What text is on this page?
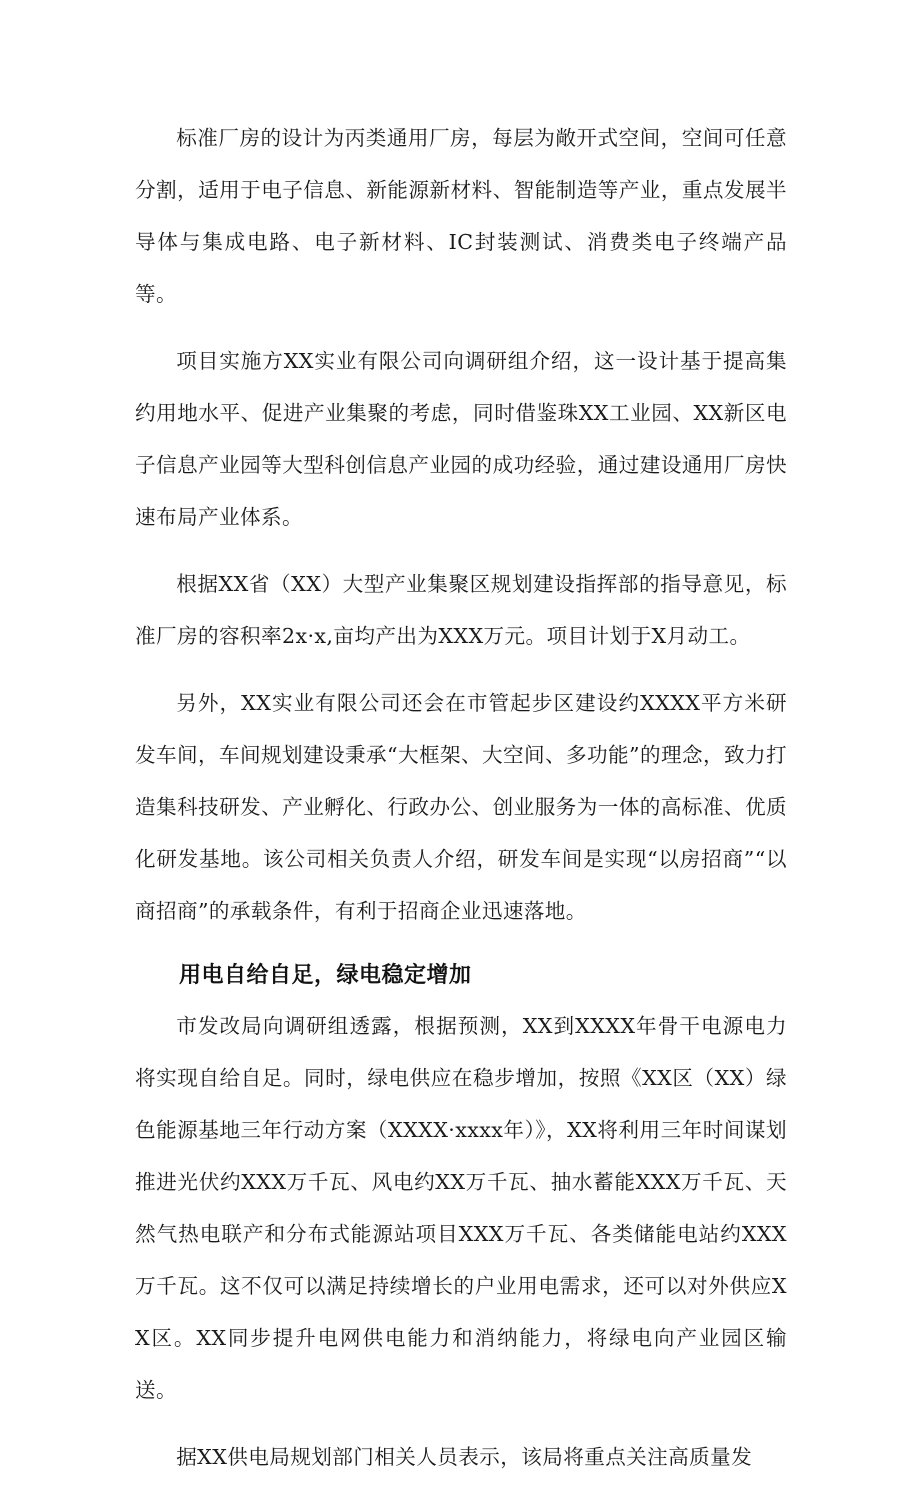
标准厂房的设计为丙类通用厂房，每层为敞开式空间，空间可任意分割，适用于电子信息、新能源新材料、智能制造等产业，重点发展半导体与集成电路、电子新材料、IC封装测试、消费类电子终端产品等。

项目实施方XX实业有限公司向调研组介绍，这一设计基于提高集约用地水平、促进产业集聚的考虑，同时借鉴珠XX工业园、XX新区电子信息产业园等大型科创信息产业园的成功经验，通过建设通用厂房快速布局产业体系。

根据XX省（XX）大型产业集聚区规划建设指挥部的指导意见，标准厂房的容积率2x·x,亩均产出为XXX万元。项目计划于X月动工。

另外，XX实业有限公司还会在市管起步区建设约XXXX平方米研发车间，车间规划建设秉承“大框架、大空间、多功能”的理念，致力打造集科技研发、产业孵化、行政办公、创业服务为一体的高标准、优质化研发基地。该公司相关负责人介绍，研发车间是实现“以房招商”“以商招商”的承载条件，有利于招商企业迅速落地。

用电自给自足，绿电稳定增加

市发改局向调研组透露，根据预测，XX到XXXX年骨干电源电力将实现自给自足。同时，绿电供应在稳步增加，按照《XX区（XX）绿色能源基地三年行动方案（XXXX·xxxx年）》，XX将利用三年时间谋划推进光伏约XXX万千瓦、风电约XX万千瓦、抽水蓄能XXX万千瓦、天然气热电联产和分布式能源站项目XXX万千瓦、各类储能电站约XXX万千瓦。这不仅可以满足持续增长的户业用电需求，还可以对外供应XX区。XX同步提升电网供电能力和消纳能力，将绿电向产业园区输送。

据XX供电局规划部门相关人员表示，该局将重点关注高质量发
